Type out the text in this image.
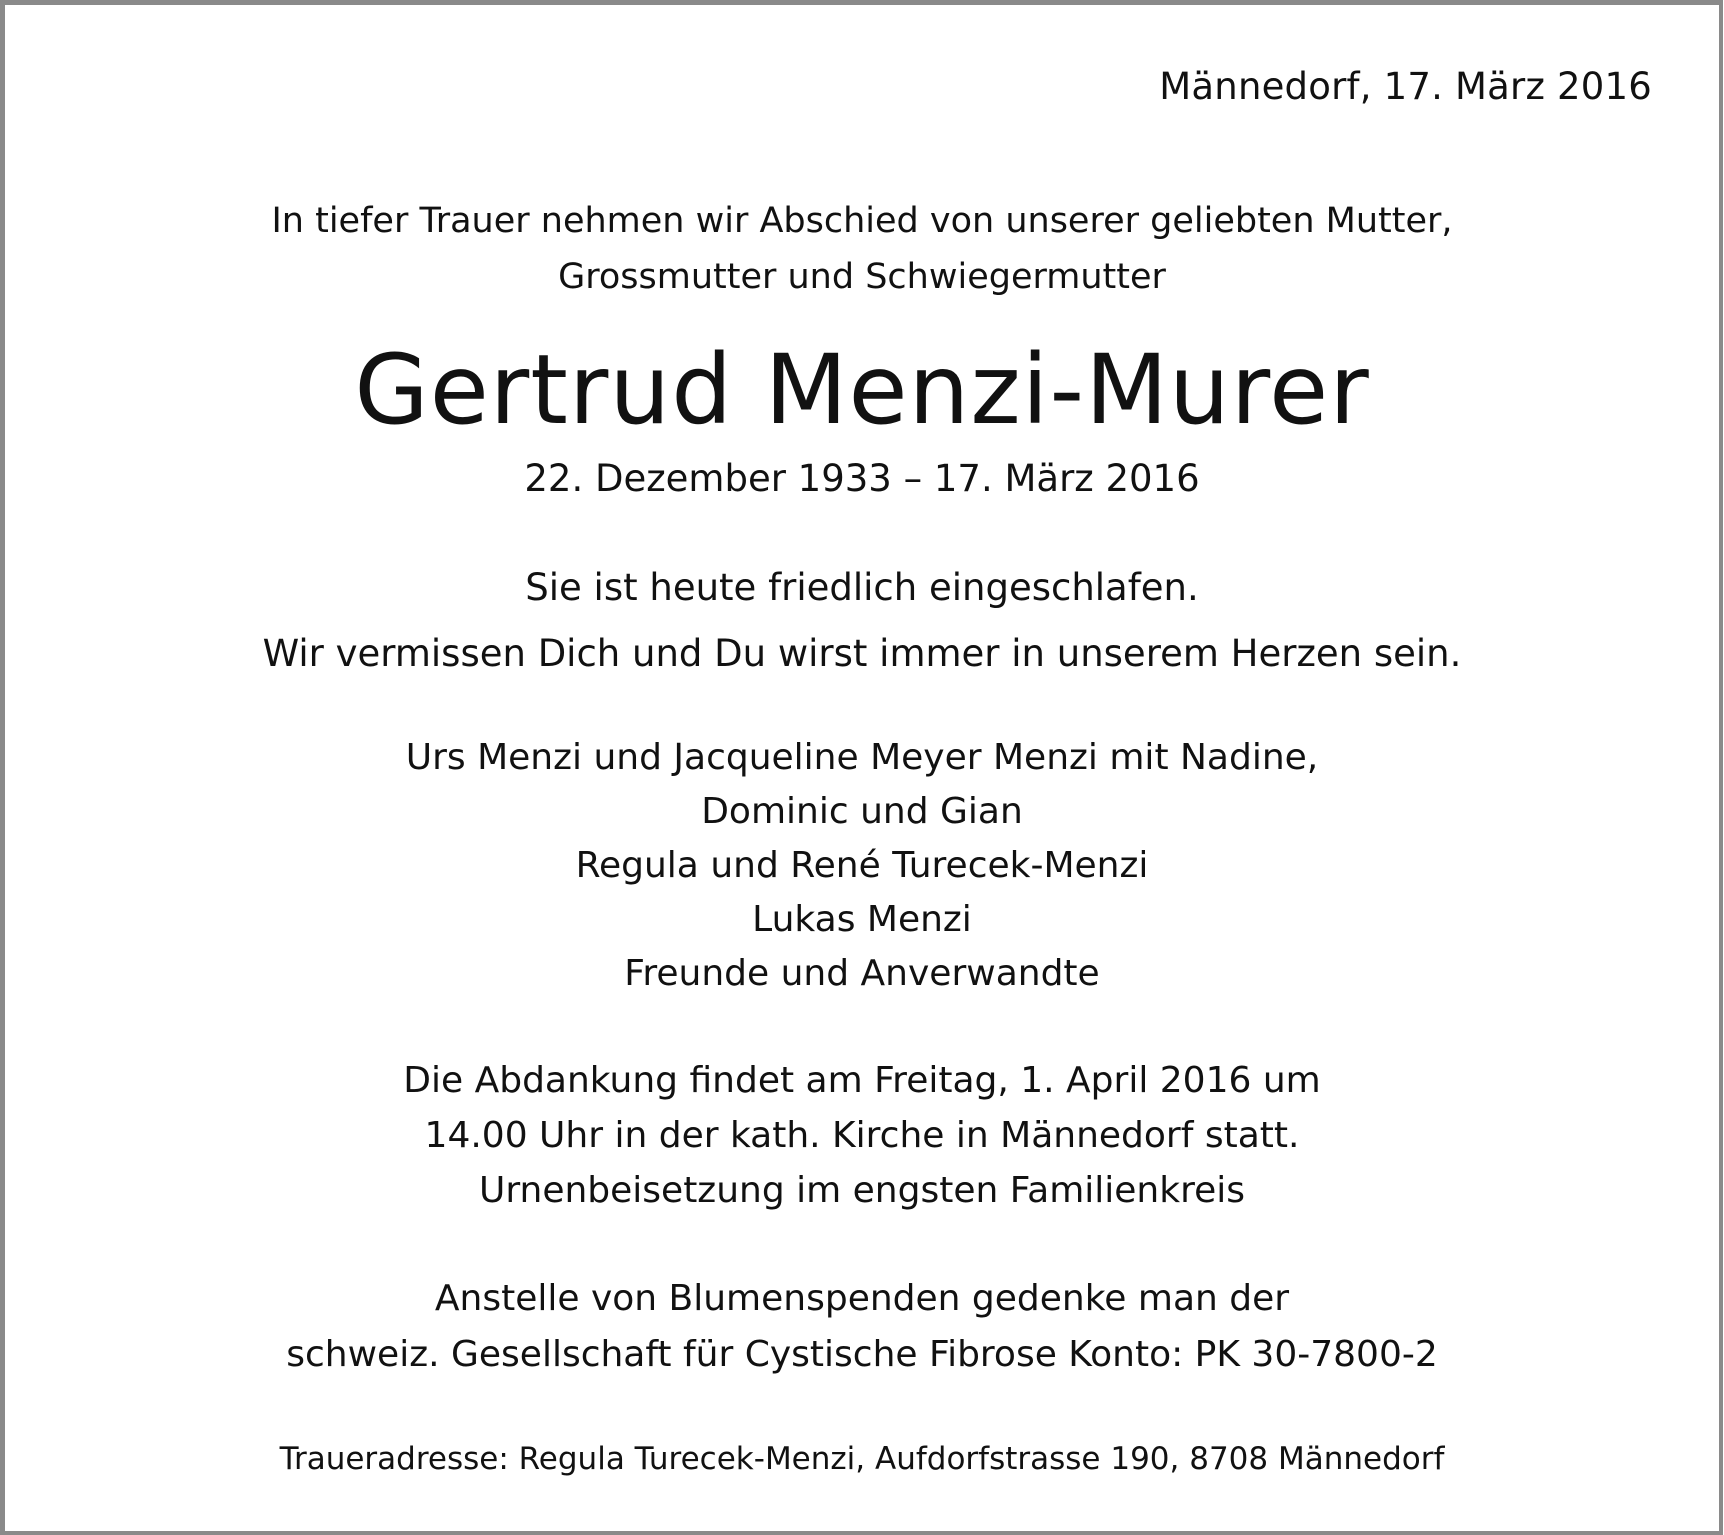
Männedorf, 17. März 2016
In tiefer Trauer nehmen wir Abschied von unserer geliebten Mutter,
Grossmutter und Schwiegermutter
Gertrud Menzi-Murer
22. Dezember 1933 – 17. März 2016
Sie ist heute friedlich eingeschlafen.
Wir vermissen Dich und Du wirst immer in unserem Herzen sein.
Urs Menzi und Jacqueline Meyer Menzi mit Nadine,
Dominic und Gian
Regula und René Turecek-Menzi
Lukas Menzi
Freunde und Anverwandte
Die Abdankung findet am Freitag, 1. April 2016 um
14.00 Uhr in der kath. Kirche in Männedorf statt.
Urnenbeisetzung im engsten Familienkreis
Anstelle von Blumenspenden gedenke man der
schweiz. Gesellschaft für Cystische Fibrose Konto: PK 30-7800-2
Traueradresse: Regula Turecek-Menzi, Aufdorfstrasse 190, 8708 Männedorf
